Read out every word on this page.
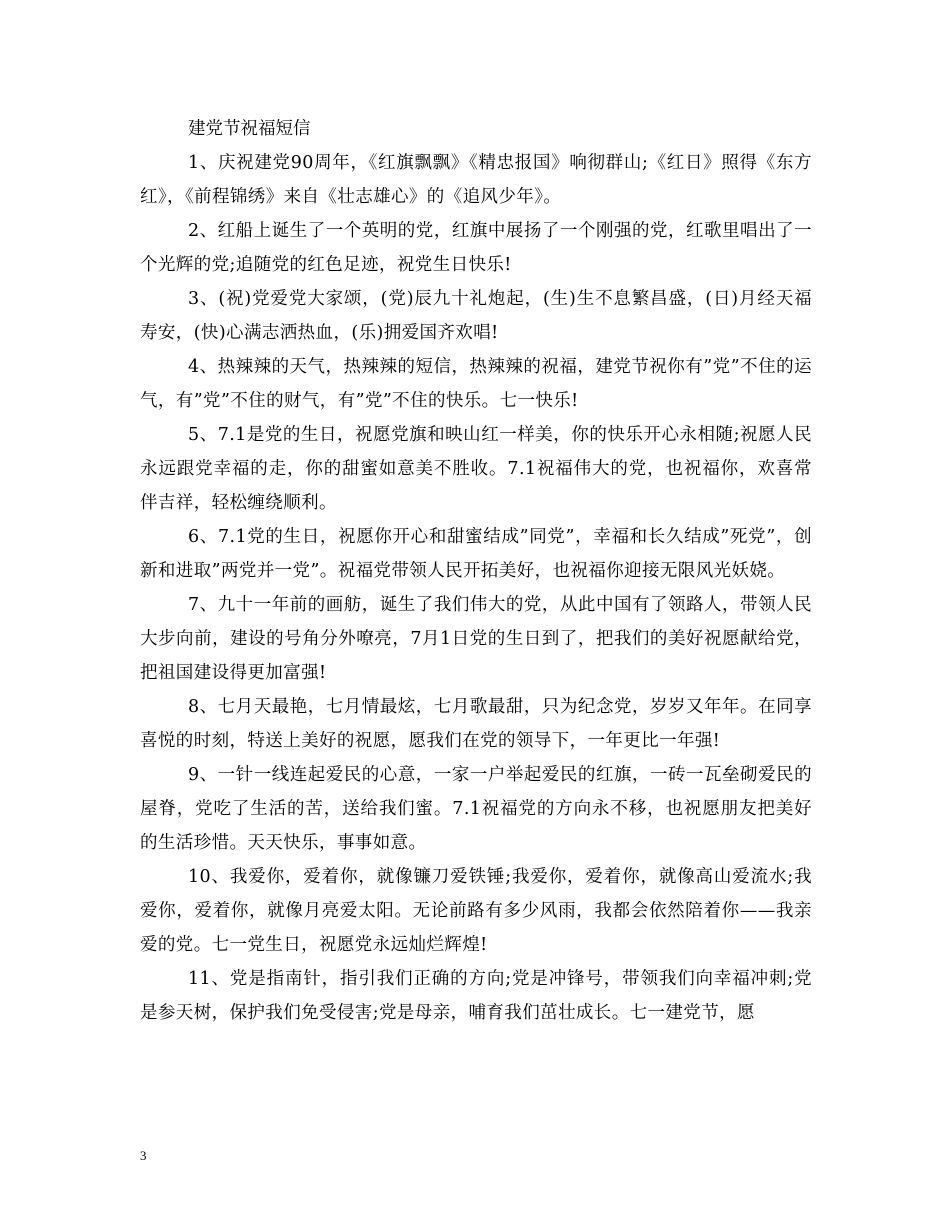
建党节祝福短信

1、庆祝建党90周年，《红旗飘飘》《精忠报国》响彻群山;《红日》照得《东方红》，《前程锦绣》来自《壮志雄心》的《追风少年》。

2、红船上诞生了一个英明的党，红旗中展扬了一个刚强的党，红歌里唱出了一个光辉的党;追随党的红色足迹，祝党生日快乐!

3、(祝)党爱党大家颂，(党)辰九十礼炮起，(生)生不息繁昌盛，(日)月经天福寿安，(快)心满志洒热血，(乐)拥爱国齐欢唱!

4、热辣辣的天气，热辣辣的短信，热辣辣的祝福，建党节祝你有”党”不住的运气，有”党”不住的财气，有”党”不住的快乐。七一快乐!

5、7.1是党的生日，祝愿党旗和映山红一样美，你的快乐开心永相随;祝愿人民永远跟党幸福的走，你的甜蜜如意美不胜收。7.1祝福伟大的党，也祝福你，欢喜常伴吉祥，轻松缠绕顺利。

6、7.1党的生日，祝愿你开心和甜蜜结成”同党”，幸福和长久结成”死党”，创新和进取”两党并一党”。祝福党带领人民开拓美好，也祝福你迎接无限风光妖娆。

7、九十一年前的画舫，诞生了我们伟大的党，从此中国有了领路人，带领人民大步向前，建设的号角分外嘹亮，7月1日党的生日到了，把我们的美好祝愿献给党，把祖国建设得更加富强!

8、七月天最艳，七月情最炫，七月歌最甜，只为纪念党，岁岁又年年。在同享喜悦的时刻，特送上美好的祝愿，愿我们在党的领导下，一年更比一年强!

9、一针一线连起爱民的心意，一家一户举起爱民的红旗，一砖一瓦垒砌爱民的屋脊，党吃了生活的苦，送给我们蜜。7.1祝福党的方向永不移，也祝愿朋友把美好的生活珍惜。天天快乐，事事如意。

10、我爱你，爱着你，就像镰刀爱铁锤;我爱你，爱着你，就像高山爱流水;我爱你，爱着你，就像月亮爱太阳。无论前路有多少风雨，我都会依然陪着你——我亲爱的党。七一党生日，祝愿党永远灿烂辉煌!

11、党是指南针，指引我们正确的方向;党是冲锋号，带领我们向幸福冲刺;党是参天树，保护我们免受侵害;党是母亲，哺育我们茁壮成长。七一建党节，愿

3
